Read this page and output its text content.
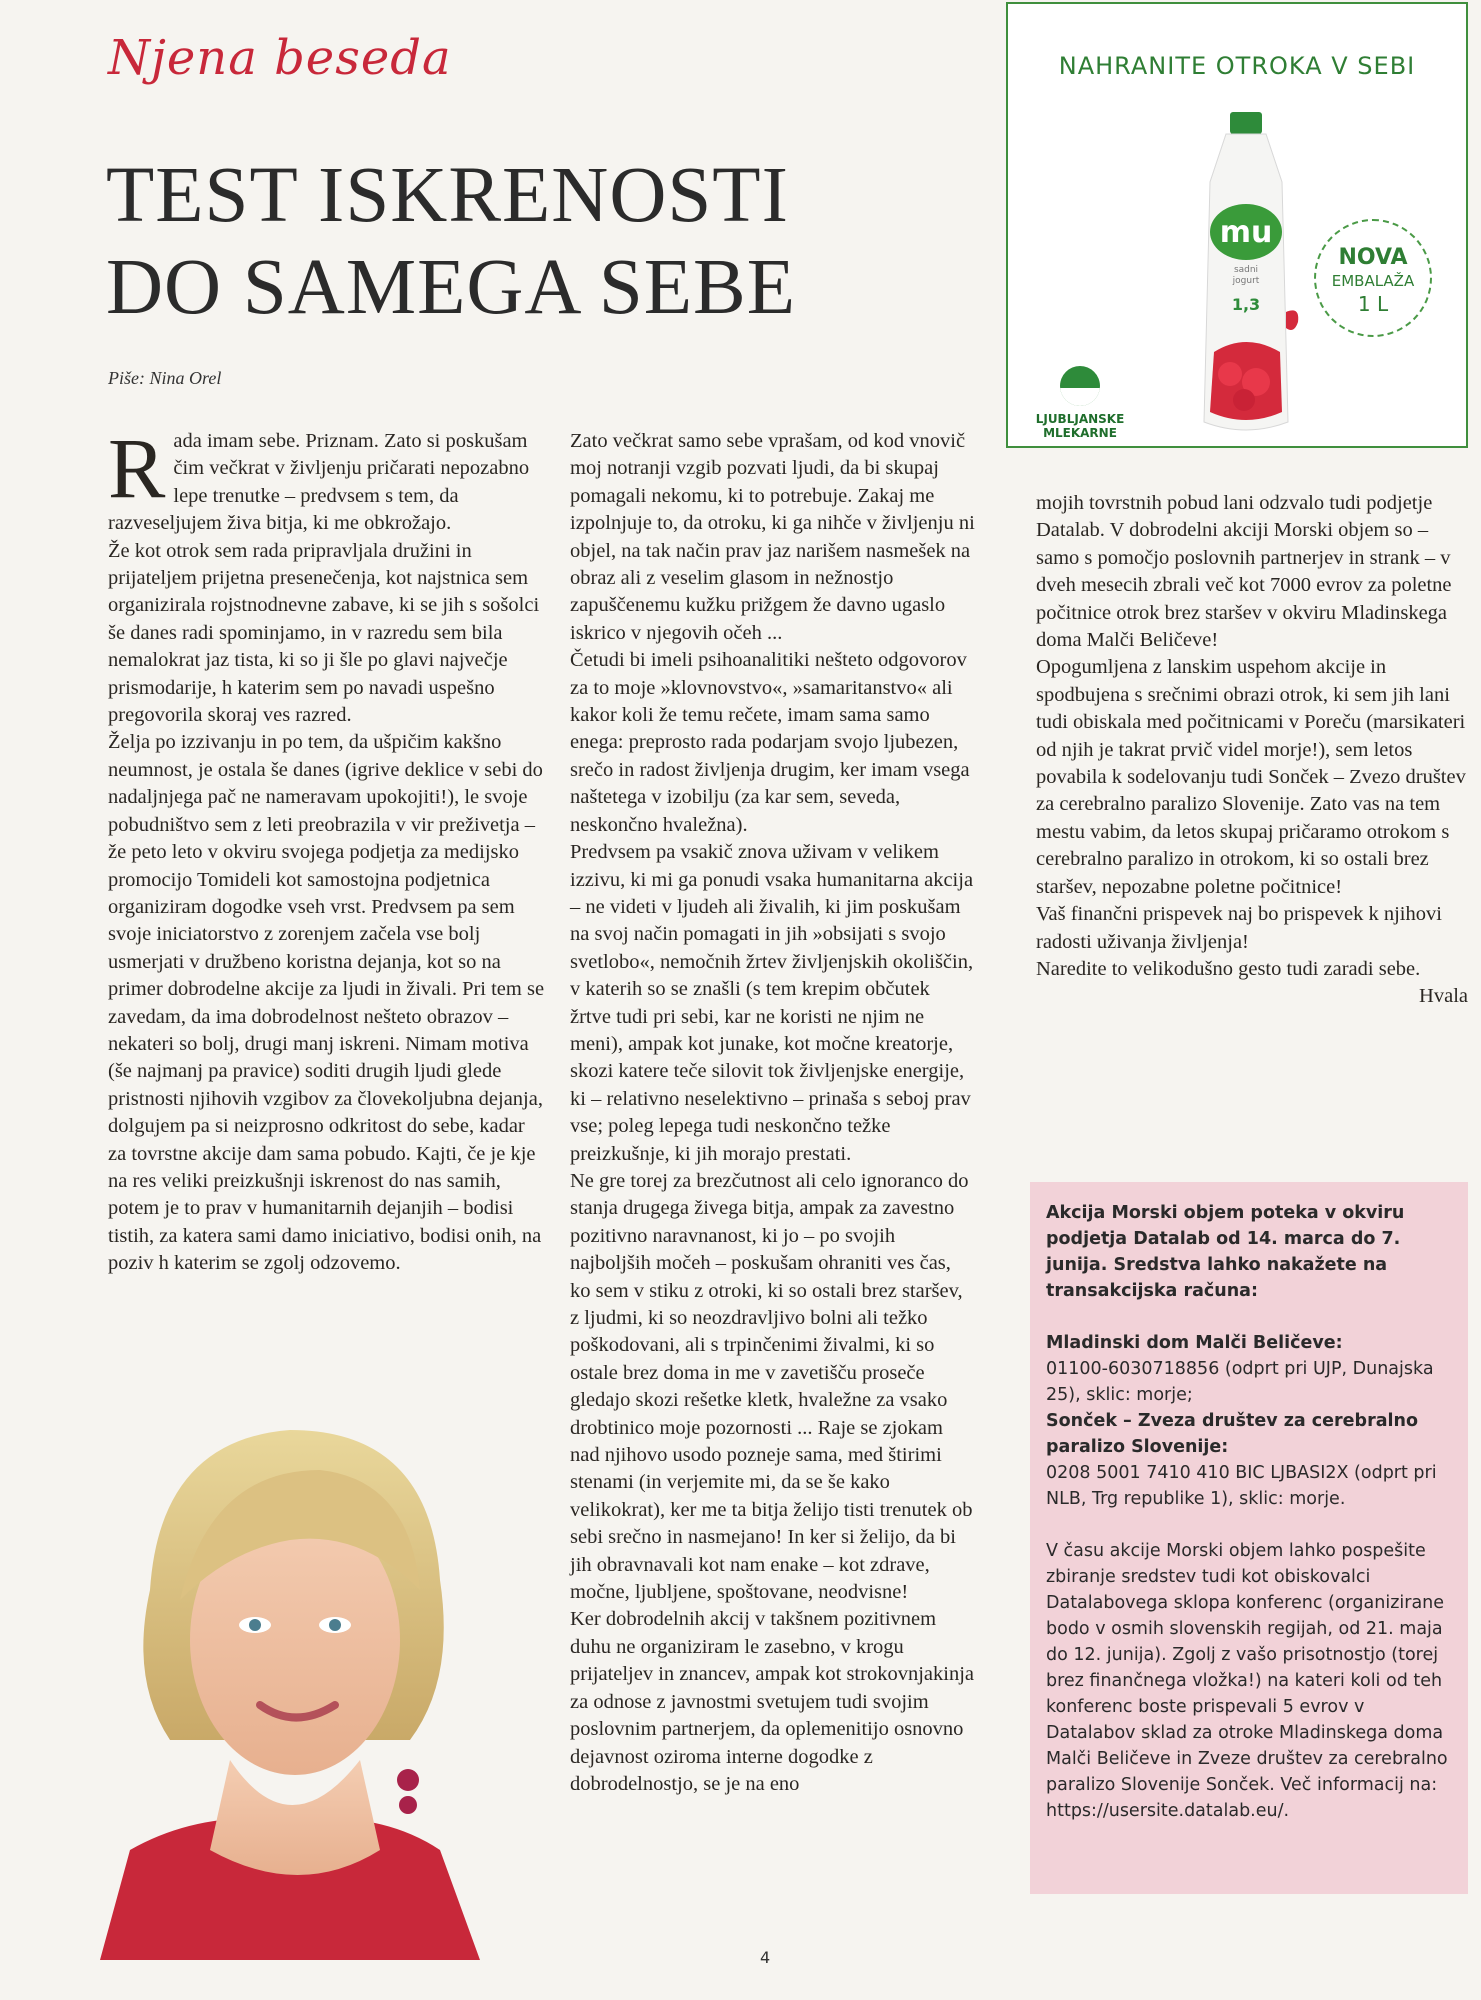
Njena beseda
TEST ISKRENOSTI
DO SAMEGA SEBE
Piše: Nina Orel

Rada imam sebe. Priznam. Zato si poskušam čim večkrat v življenju pričarati nepozabno lepe trenutke – predvsem s tem, da razveseljujem živa bitja, ki me obkrožajo.

Že kot otrok sem rada pripravljala družini in prijateljem prijetna presenečenja, kot najstnica sem organizirala rojstnodnevne zabave, ki se jih s sošolci še danes radi spominjamo, in v razredu sem bila nemalokrat jaz tista, ki so ji šle po glavi največje prismodarije, h katerim sem po navadi uspešno pregovorila skoraj ves razred.

Želja po izzivanju in po tem, da ušpičim kakšno neumnost, je ostala še danes (igrive deklice v sebi do nadaljnjega pač ne nameravam upokojiti!), le svoje pobudništvo sem z leti preobrazila v vir preživetja – že peto leto v okviru svojega podjetja za medijsko promocijo Tomideli kot samostojna podjetnica organiziram dogodke vseh vrst. Predvsem pa sem svoje iniciatorstvo z zorenjem začela vse bolj usmerjati v družbeno koristna dejanja, kot so na primer dobrodelne akcije za ljudi in živali. Pri tem se zavedam, da ima dobrodelnost nešteto obrazov – nekateri so bolj, drugi manj iskreni. Nimam motiva (še najmanj pa pravice) soditi drugih ljudi glede pristnosti njihovih vzgibov za človekoljubna dejanja, dolgujem pa si neizprosno odkritost do sebe, kadar za tovrstne akcije dam sama pobudo. Kajti, če je kje na res veliki preizkušnji iskrenost do nas samih, potem je to prav v humanitarnih dejanjih – bodisi tistih, za katera sami damo iniciativo, bodisi onih, na poziv h katerim se zgolj odzovemo.

Zato večkrat samo sebe vprašam, od kod vnovič moj notranji vzgib pozvati ljudi, da bi skupaj pomagali nekomu, ki to potrebuje. Zakaj me izpolnjuje to, da otroku, ki ga nihče v življenju ni objel, na tak način prav jaz narišem nasmešek na obraz ali z veselim glasom in nežnostjo zapuščenemu kužku prižgem že davno ugaslo iskrico v njegovih očeh ...

Četudi bi imeli psihoanalitiki nešteto odgovorov za to moje »klovnovstvo«, »samaritanstvo« ali kakor koli že temu rečete, imam sama samo enega: preprosto rada podarjam svojo ljubezen, srečo in radost življenja drugim, ker imam vsega naštetega v izobilju (za kar sem, seveda, neskončno hvaležna).

Predvsem pa vsakič znova uživam v velikem izzivu, ki mi ga ponudi vsaka humanitarna akcija – ne videti v ljudeh ali živalih, ki jim poskušam na svoj način pomagati in jih »obsijati s svojo svetlobo«, nemočnih žrtev življenjskih okoliščin, v katerih so se znašli (s tem krepim občutek žrtve tudi pri sebi, kar ne koristi ne njim ne meni), ampak kot junake, kot močne kreatorje, skozi katere teče silovit tok življenjske energije, ki – relativno neselektivno – prinaša s seboj prav vse; poleg lepega tudi neskončno težke preizkušnje, ki jih morajo prestati.

Ne gre torej za brezčutnost ali celo ignoranco do stanja drugega živega bitja, ampak za zavestno pozitivno naravnanost, ki jo – po svojih najboljših močeh – poskušam ohraniti ves čas, ko sem v stiku z otroki, ki so ostali brez staršev, z ljudmi, ki so neozdravljivo bolni ali težko poškodovani, ali s trpinčenimi živalmi, ki so ostale brez doma in me v zavetišču proseče gledajo skozi rešetke kletk, hvaležne za vsako drobtinico moje pozornosti ... Raje se zjokam nad njihovo usodo pozneje sama, med štirimi stenami (in verjemite mi, da se še kako velikokrat), ker me ta bitja želijo tisti trenutek ob sebi srečno in nasmejano! In ker si želijo, da bi jih obravnavali kot nam enake – kot zdrave, močne, ljubljene, spoštovane, neodvisne!

Ker dobrodelnih akcij v takšnem pozitivnem duhu ne organiziram le zasebno, v krogu prijateljev in znancev, ampak kot strokovnjakinja za odnose z javnostmi svetujem tudi svojim poslovnim partnerjem, da oplemenitijo osnovno dejavnost oziroma interne dogodke z dobrodelnostjo, se je na eno

NAHRANITE OTROKA V SEBI
mu
sadni
jogurt
1,3
NOVA
EMBALAŽA
1 L
LJUBLJANSKE
MLEKARNE

mojih tovrstnih pobud lani odzvalo tudi podjetje Datalab. V dobrodelni akciji Morski objem so – samo s pomočjo poslovnih partnerjev in strank – v dveh mesecih zbrali več kot 7000 evrov za poletne počitnice otrok brez staršev v okviru Mladinskega doma Malči Beličeve!

Opogumljena z lanskim uspehom akcije in spodbujena s srečnimi obrazi otrok, ki sem jih lani tudi obiskala med počitnicami v Poreču (marsikateri od njih je takrat prvič videl morje!), sem letos povabila k sodelovanju tudi Sonček – Zvezo društev za cerebralno paralizo Slovenije. Zato vas na tem mestu vabim, da letos skupaj pričaramo otrokom s cerebralno paralizo in otrokom, ki so ostali brez staršev, nepozabne poletne počitnice!

Vaš finančni prispevek naj bo prispevek k njihovi radosti uživanja življenja!

Naredite to velikodušno gesto tudi zaradi sebe.

Hvala

Akcija Morski objem poteka v okviru podjetja Datalab od 14. marca do 7. junija. Sredstva lahko nakažete na transakcijska računa:

Mladinski dom Malči Beličeve:

01100-6030718856 (odprt pri UJP, Dunajska 25), sklic: morje;

Sonček – Zveza društev za cerebralno paralizo Slovenije:

0208 5001 7410 410 BIC LJBASI2X (odprt pri NLB, Trg republike 1), sklic: morje.

V času akcije Morski objem lahko pospešite zbiranje sredstev tudi kot obiskovalci Datalabovega sklopa konferenc (organizirane bodo v osmih slovenskih regijah, od 21. maja do 12. junija). Zgolj z vašo prisotnostjo (torej brez finančnega vložka!) na kateri koli od teh konferenc boste prispevali 5 evrov v Datalabov sklad za otroke Mladinskega doma Malči Beličeve in Zveze društev za cerebralno paralizo Slovenije Sonček. Več informacij na: https://usersite.datalab.eu/.

4
